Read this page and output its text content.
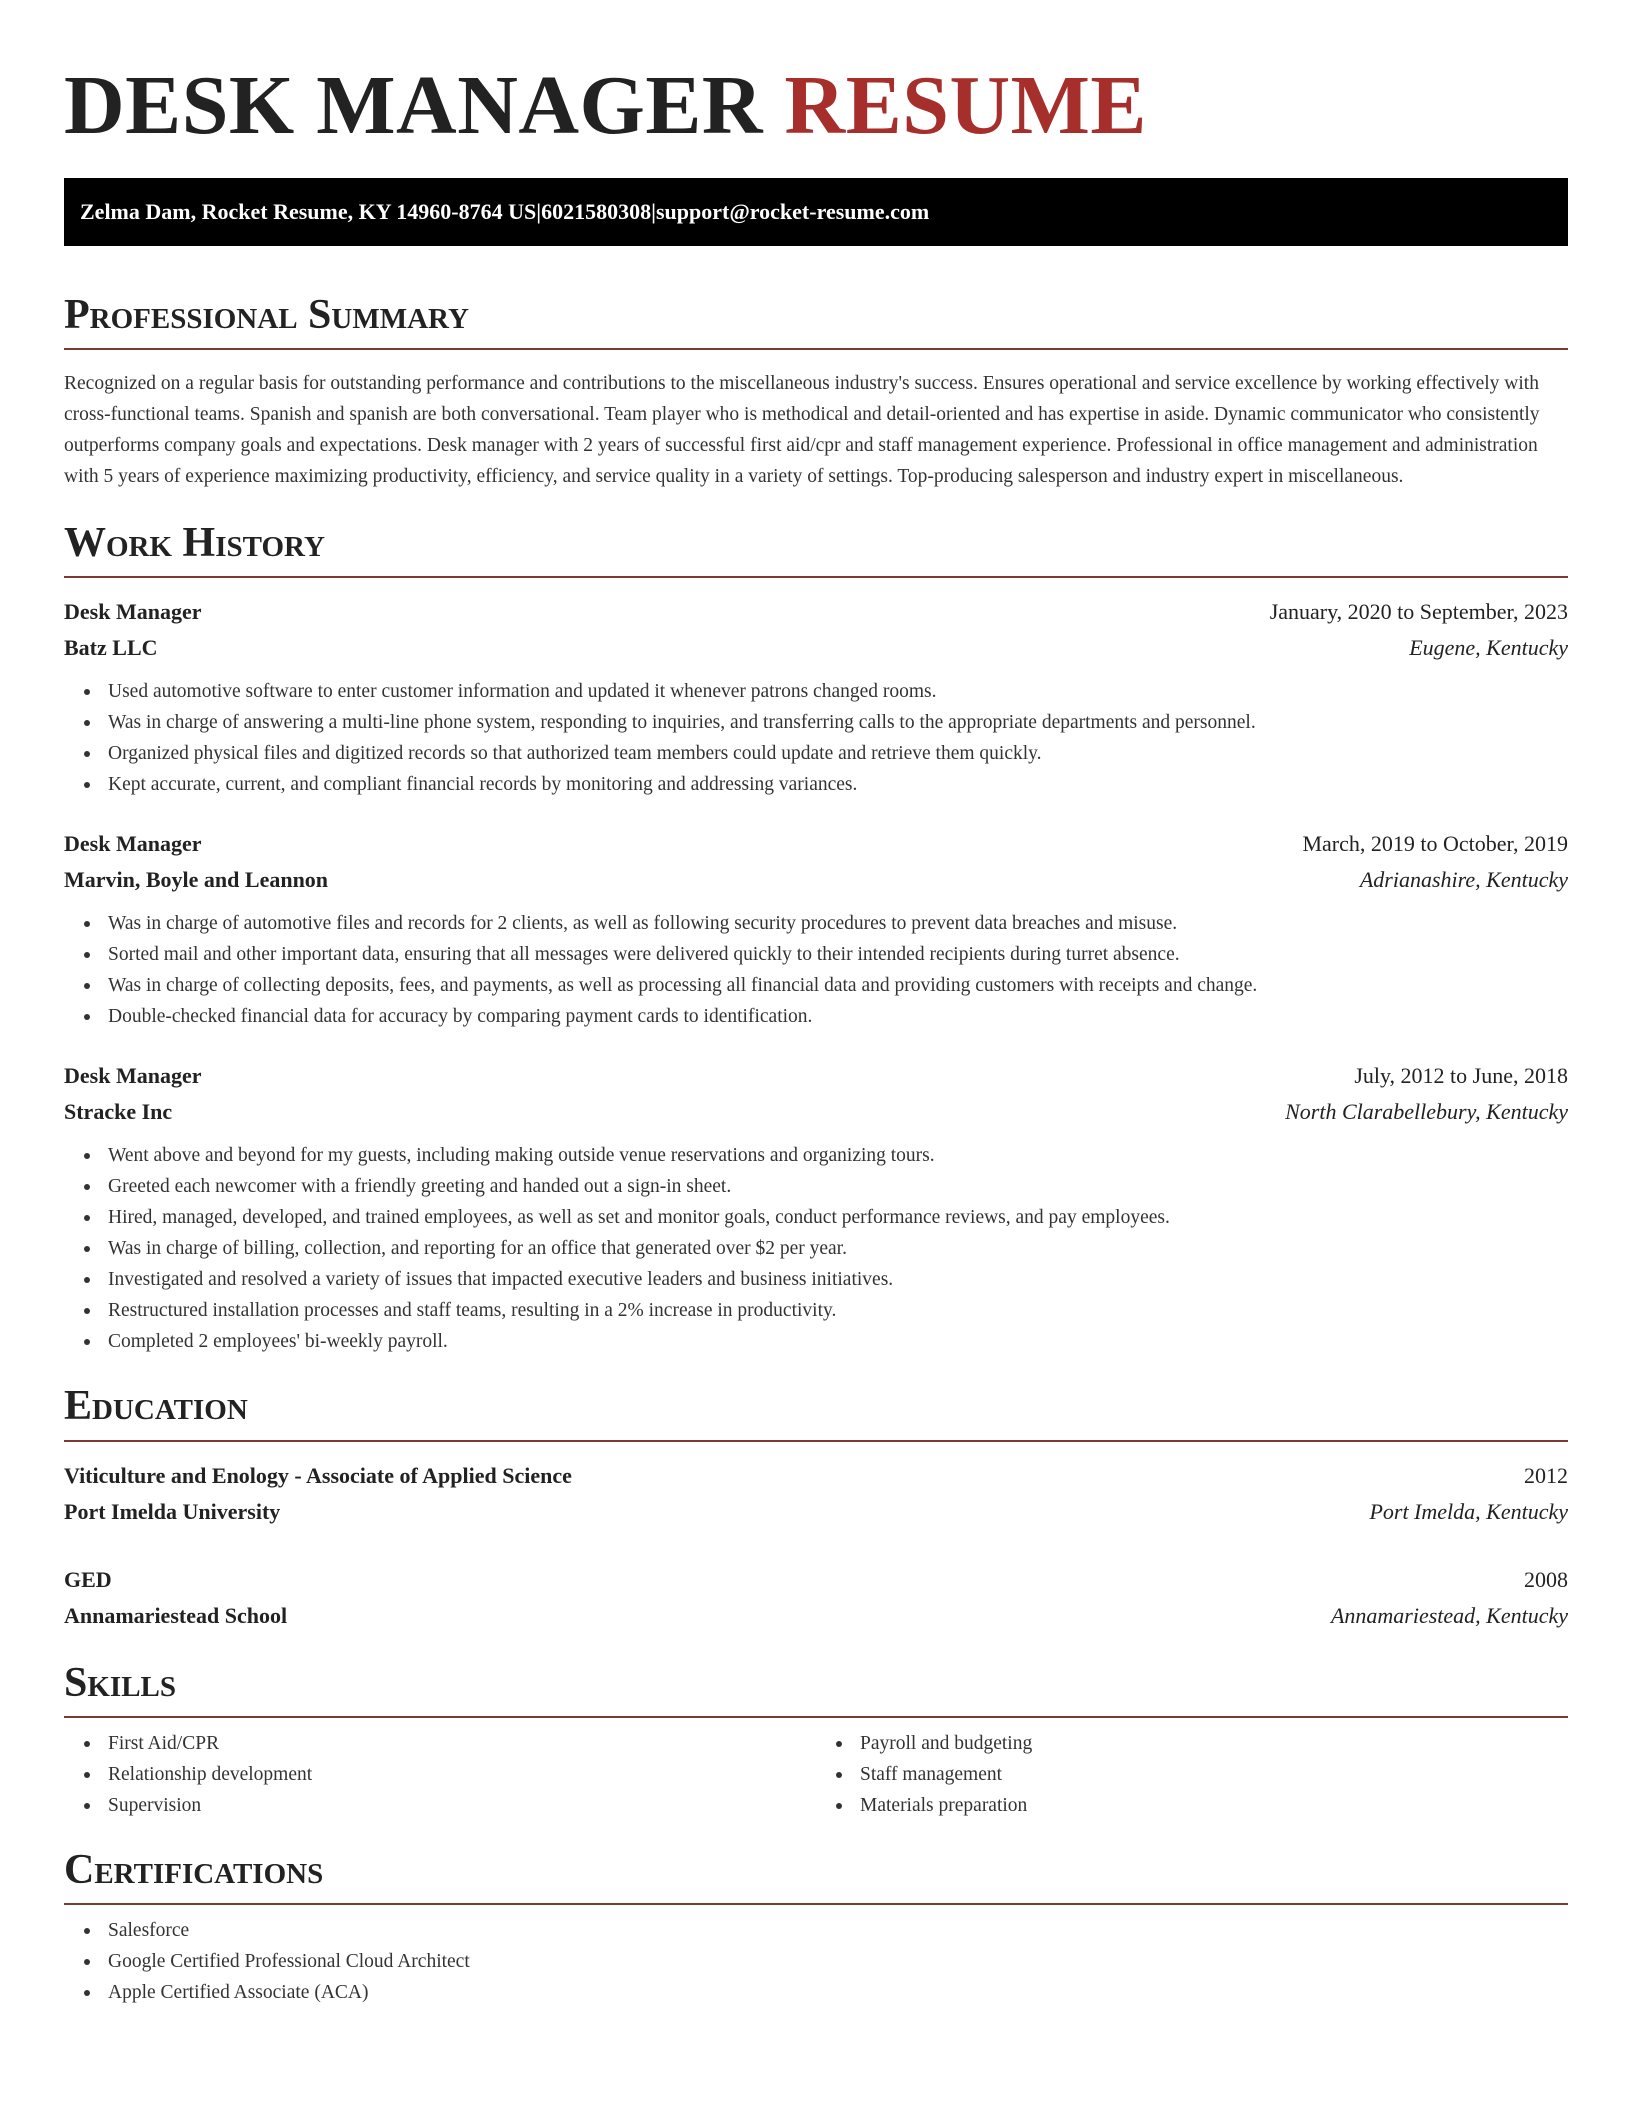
DESK MANAGER RESUME
Zelma Dam, Rocket Resume, KY 14960-8764 US | 6021580308 | support@rocket-resume.com
Professional Summary

Recognized on a regular basis for outstanding performance and contributions to the miscellaneous industry's success. Ensures operational and service excellence by working effectively with cross-functional teams. Spanish and spanish are both conversational. Team player who is methodical and detail-oriented and has expertise in aside. Dynamic communicator who consistently outperforms company goals and expectations. Desk manager with 2 years of successful first aid/cpr and staff management experience. Professional in office management and administration with 5 years of experience maximizing productivity, efficiency, and service quality in a variety of settings. Top-producing salesperson and industry expert in miscellaneous.

Work History
Desk Manager	January, 2020 to September, 2023
Batz LLC	Eugene, Kentucky
Used automotive software to enter customer information and updated it whenever patrons changed rooms.
Was in charge of answering a multi-line phone system, responding to inquiries, and transferring calls to the appropriate departments and personnel.
Organized physical files and digitized records so that authorized team members could update and retrieve them quickly.
Kept accurate, current, and compliant financial records by monitoring and addressing variances.
Desk Manager	March, 2019 to October, 2019
Marvin, Boyle and Leannon	Adrianashire, Kentucky
Was in charge of automotive files and records for 2 clients, as well as following security procedures to prevent data breaches and misuse.
Sorted mail and other important data, ensuring that all messages were delivered quickly to their intended recipients during turret absence.
Was in charge of collecting deposits, fees, and payments, as well as processing all financial data and providing customers with receipts and change.
Double-checked financial data for accuracy by comparing payment cards to identification.
Desk Manager	July, 2012 to June, 2018
Stracke Inc	North Clarabellebury, Kentucky
Went above and beyond for my guests, including making outside venue reservations and organizing tours.
Greeted each newcomer with a friendly greeting and handed out a sign-in sheet.
Hired, managed, developed, and trained employees, as well as set and monitor goals, conduct performance reviews, and pay employees.
Was in charge of billing, collection, and reporting for an office that generated over $2 per year.
Investigated and resolved a variety of issues that impacted executive leaders and business initiatives.
Restructured installation processes and staff teams, resulting in a 2% increase in productivity.
Completed 2 employees' bi-weekly payroll.
Education
Viticulture and Enology - Associate of Applied Science	2012
Port Imelda University	Port Imelda, Kentucky
GED	2008
Annamariestead School	Annamariestead, Kentucky
Skills
First Aid/CPR
Relationship development
Supervision
Payroll and budgeting
Staff management
Materials preparation
Certifications
Salesforce
Google Certified Professional Cloud Architect
Apple Certified Associate (ACA)
